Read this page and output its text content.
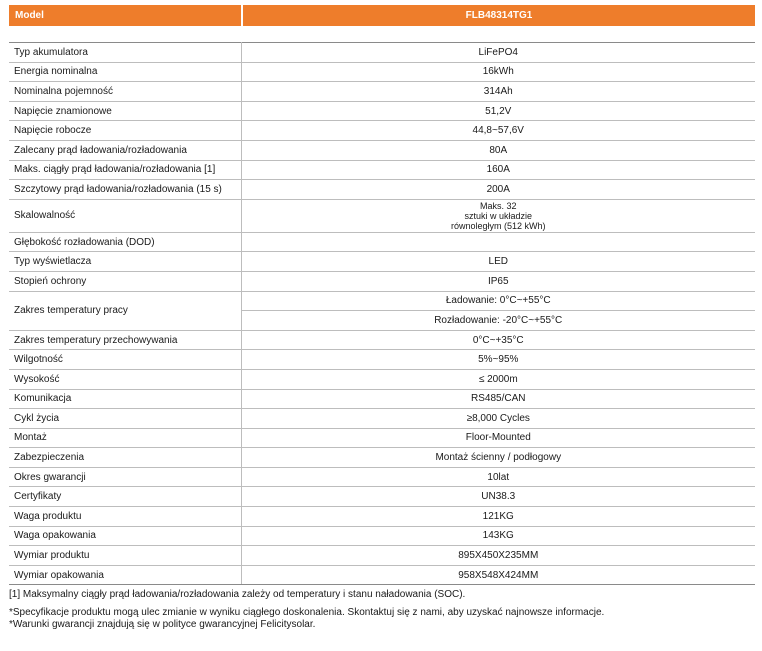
Model	FLB48314TG1
Typ akumulatora	LiFePO4
Energia nominalna	16kWh
Nominalna pojemność	314Ah
Napięcie znamionowe	51,2V
Napięcie robocze	44,8~57,6V
Zalecany prąd ładowania/rozładowania	80A
Maks. ciągły prąd ładowania/rozładowania [1]	160A
Szczytowy prąd ładowania/rozładowania (15 s)	200A
Skalowalność	Maks. 32
sztuki w układzie
równoległym (512 kWh)

Głębokość rozładowania (DOD)	
Typ wyświetlacza	LED
Stopień ochrony	IP65
Zakres temperatury pracy	Ładowanie: 0°C~+55°C
	Rozładowanie: -20°C~+55°C
Zakres temperatury przechowywania	0°C~+35°C
Wilgotność	5%~95%
Wysokość	≤ 2000m
Komunikacja	RS485/CAN
Cykl życia	≥8,000 Cycles
Montaż	Floor-Mounted
Zabezpieczenia	Montaż ścienny / podłogowy
Okres gwarancji	10lat
Certyfikaty	UN38.3
Waga produktu	121KG
Waga opakowania	143KG
Wymiar produktu	895X450X235MM
Wymiar opakowania	958X548X424MM
[1] Maksymalny ciągły prąd ładowania/rozładowania zależy od temperatury i stanu naładowania (SOC).
*Specyfikacje produktu mogą ulec zmianie w wyniku ciągłego doskonalenia. Skontaktuj się z nami, aby uzyskać najnowsze informacje.
*Warunki gwarancji znajdują się w polityce gwarancyjnej Felicitysolar.
